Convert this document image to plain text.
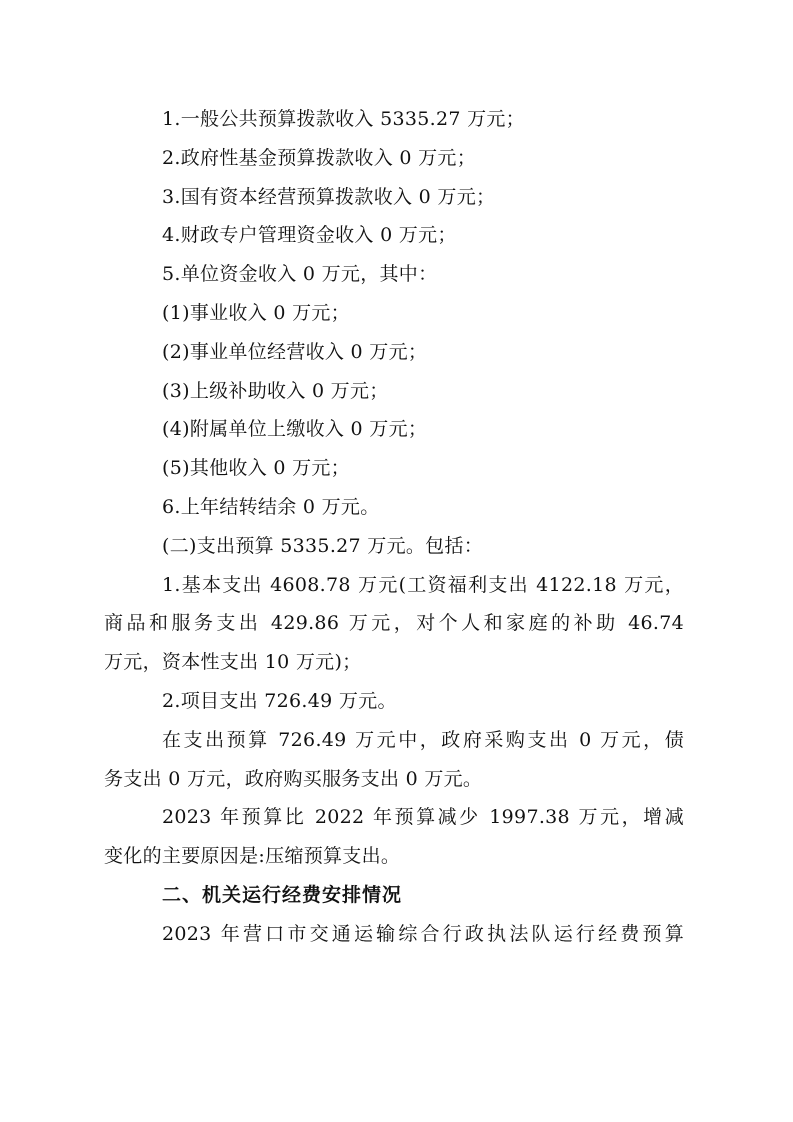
1.一般公共预算拨款收入 5335.27 万元；
2.政府性基金预算拨款收入 0 万元；
3.国有资本经营预算拨款收入 0 万元；
4.财政专户管理资金收入 0 万元；
5.单位资金收入 0 万元，其中：
(1)事业收入 0 万元；
(2)事业单位经营收入 0 万元；
(3)上级补助收入 0 万元；
(4)附属单位上缴收入 0 万元；
(5)其他收入 0 万元；
6.上年结转结余 0 万元。
(二)支出预算 5335.27 万元。包括：
1.基本支出 4608.78 万元(工资福利支出 4122.18 万元，
商品和服务支出 429.86 万元，对个人和家庭的补助 46.74
万元，资本性支出 10 万元)；
2.项目支出 726.49 万元。
在支出预算 726.49 万元中，政府采购支出 0 万元，债
务支出 0 万元，政府购买服务支出 0 万元。
2023 年预算比 2022 年预算减少 1997.38 万元，增减
变化的主要原因是:压缩预算支出。
二、机关运行经费安排情况
2023 年营口市交通运输综合行政执法队运行经费预算
